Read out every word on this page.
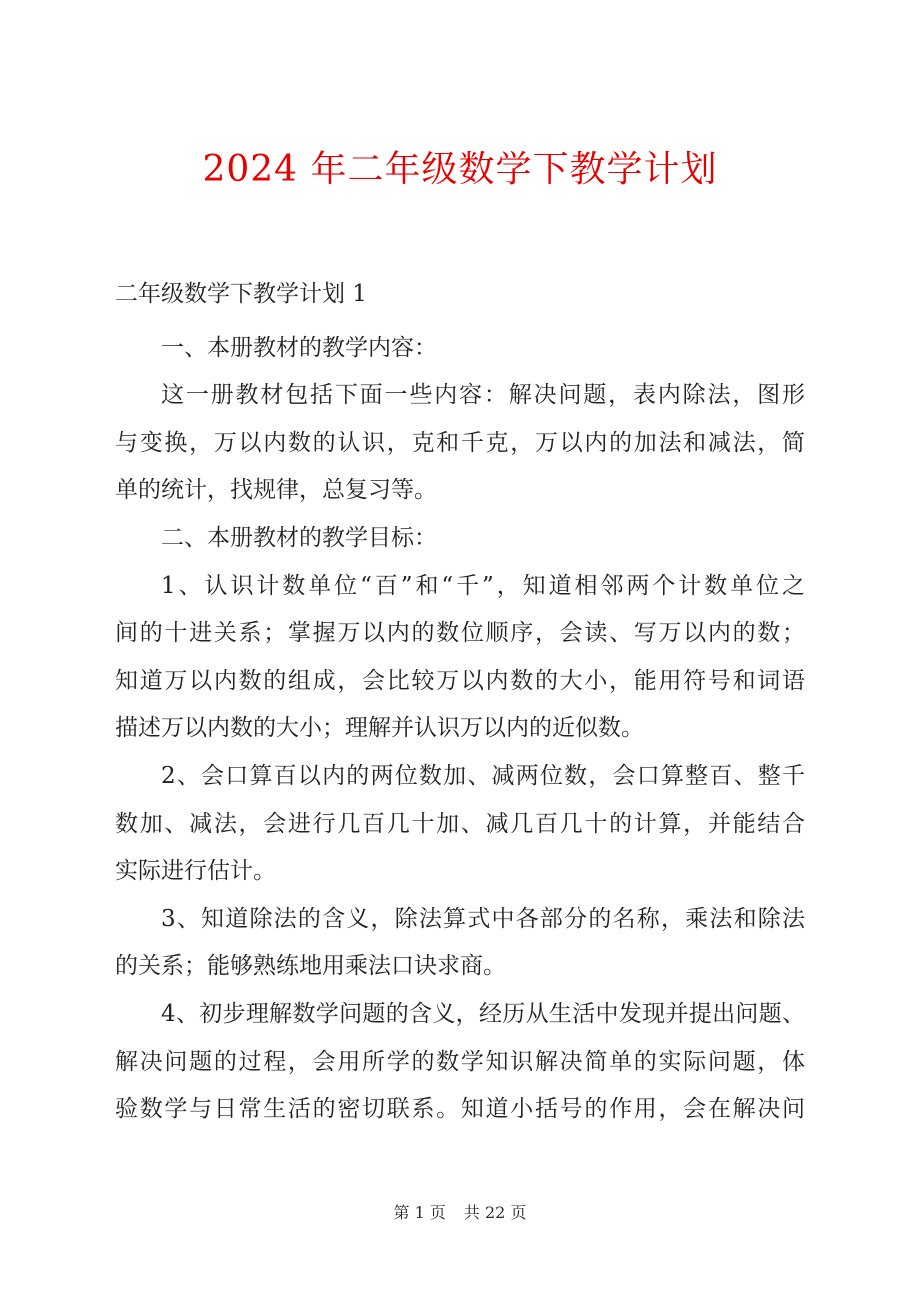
2024 年二年级数学下教学计划
二年级数学下教学计划 1
一、本册教材的教学内容：
这一册教材包括下面一些内容：解决问题，表内除法，图形
与变换，万以内数的认识，克和千克，万以内的加法和减法，简
单的统计，找规律，总复习等。
二、本册教材的教学目标：
1、认识计数单位“百”和“千”，知道相邻两个计数单位之
间的十进关系；掌握万以内的数位顺序，会读、写万以内的数；
知道万以内数的组成，会比较万以内数的大小，能用符号和词语
描述万以内数的大小；理解并认识万以内的近似数。
2、会口算百以内的两位数加、减两位数，会口算整百、整千
数加、减法，会进行几百几十加、减几百几十的计算，并能结合
实际进行估计。
3、知道除法的含义，除法算式中各部分的名称，乘法和除法
的关系；能够熟练地用乘法口诀求商。
4、初步理解数学问题的含义，经历从生活中发现并提出问题、
解决问题的过程，会用所学的数学知识解决简单的实际问题，体
验数学与日常生活的密切联系。知道小括号的作用，会在解决问
第 1 页 共 22 页
